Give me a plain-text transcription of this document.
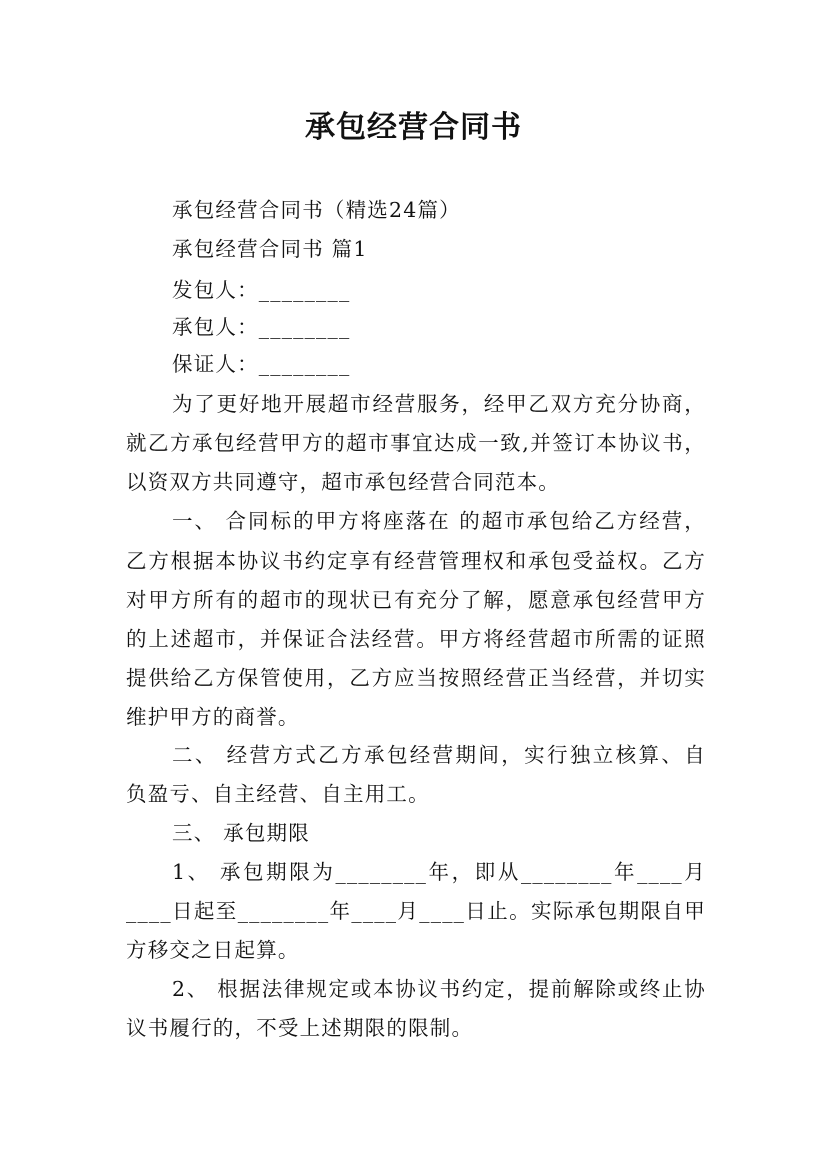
承包经营合同书
承包经营合同书（精选24篇）
承包经营合同书 篇1
发包人：________
承包人：________
保证人：________
为了更好地开展超市经营服务，经甲乙双方充分协商，
就乙方承包经营甲方的超市事宜达成一致,并签订本协议书，
以资双方共同遵守，超市承包经营合同范本。
一、 合同标的甲方将座落在 的超市承包给乙方经营，
乙方根据本协议书约定享有经营管理权和承包受益权。乙方
对甲方所有的超市的现状已有充分了解，愿意承包经营甲方
的上述超市，并保证合法经营。甲方将经营超市所需的证照
提供给乙方保管使用，乙方应当按照经营正当经营，并切实
维护甲方的商誉。
二、 经营方式乙方承包经营期间，实行独立核算、自
负盈亏、自主经营、自主用工。
三、 承包期限
1、 承包期限为________年，即从________年____月
____日起至________年____月____日止。实际承包期限自甲
方移交之日起算。
2、 根据法律规定或本协议书约定，提前解除或终止协
议书履行的，不受上述期限的限制。
